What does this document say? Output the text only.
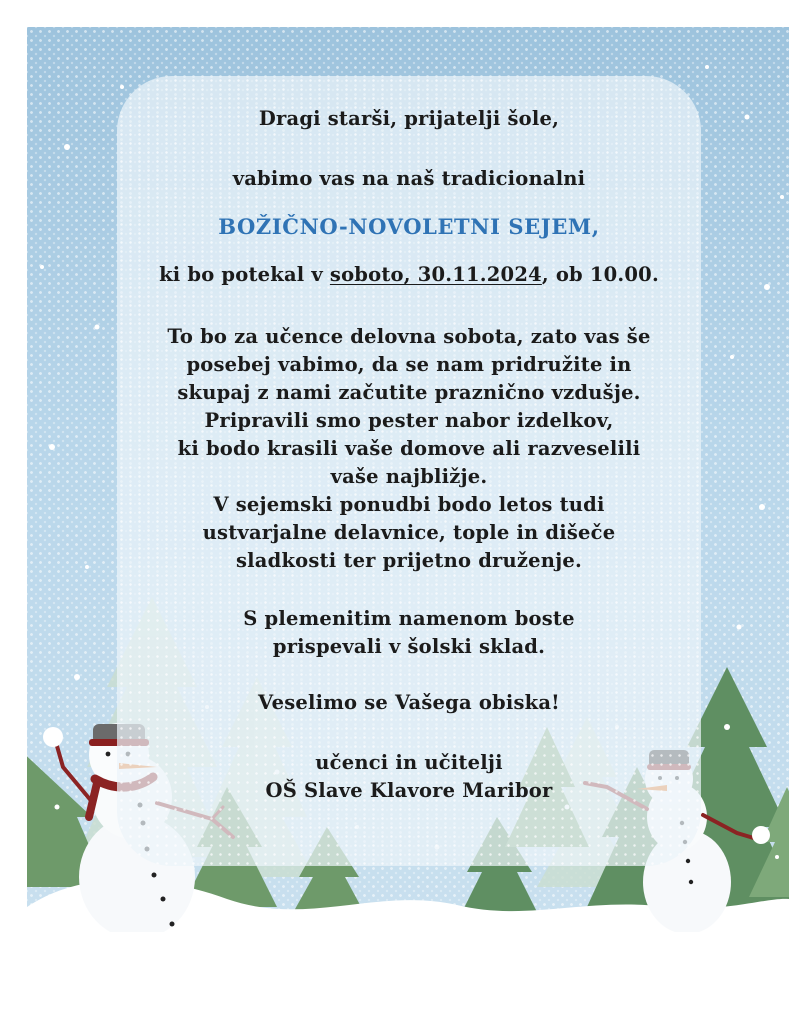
Dragi starši, prijatelji šole,
vabimo vas na naš tradicionalni
BOŽIČNO-NOVOLETNI SEJEM,
ki bo potekal v soboto, 30.11.2024, ob 10.00.
To bo za učence delovna sobota, zato vas še
posebej vabimo, da se nam pridružite in
skupaj z nami začutite praznično vzdušje.
Pripravili smo pester nabor izdelkov,
ki bodo krasili vaše domove ali razveselili
vaše najbližje.
V sejemski ponudbi bodo letos tudi
ustvarjalne delavnice, tople in dišeče
sladkosti ter prijetno druženje.
S plemenitim namenom boste
prispevali v šolski sklad.
Veselimo se Vašega obiska!
učenci in učitelji
OŠ Slave Klavore Maribor
